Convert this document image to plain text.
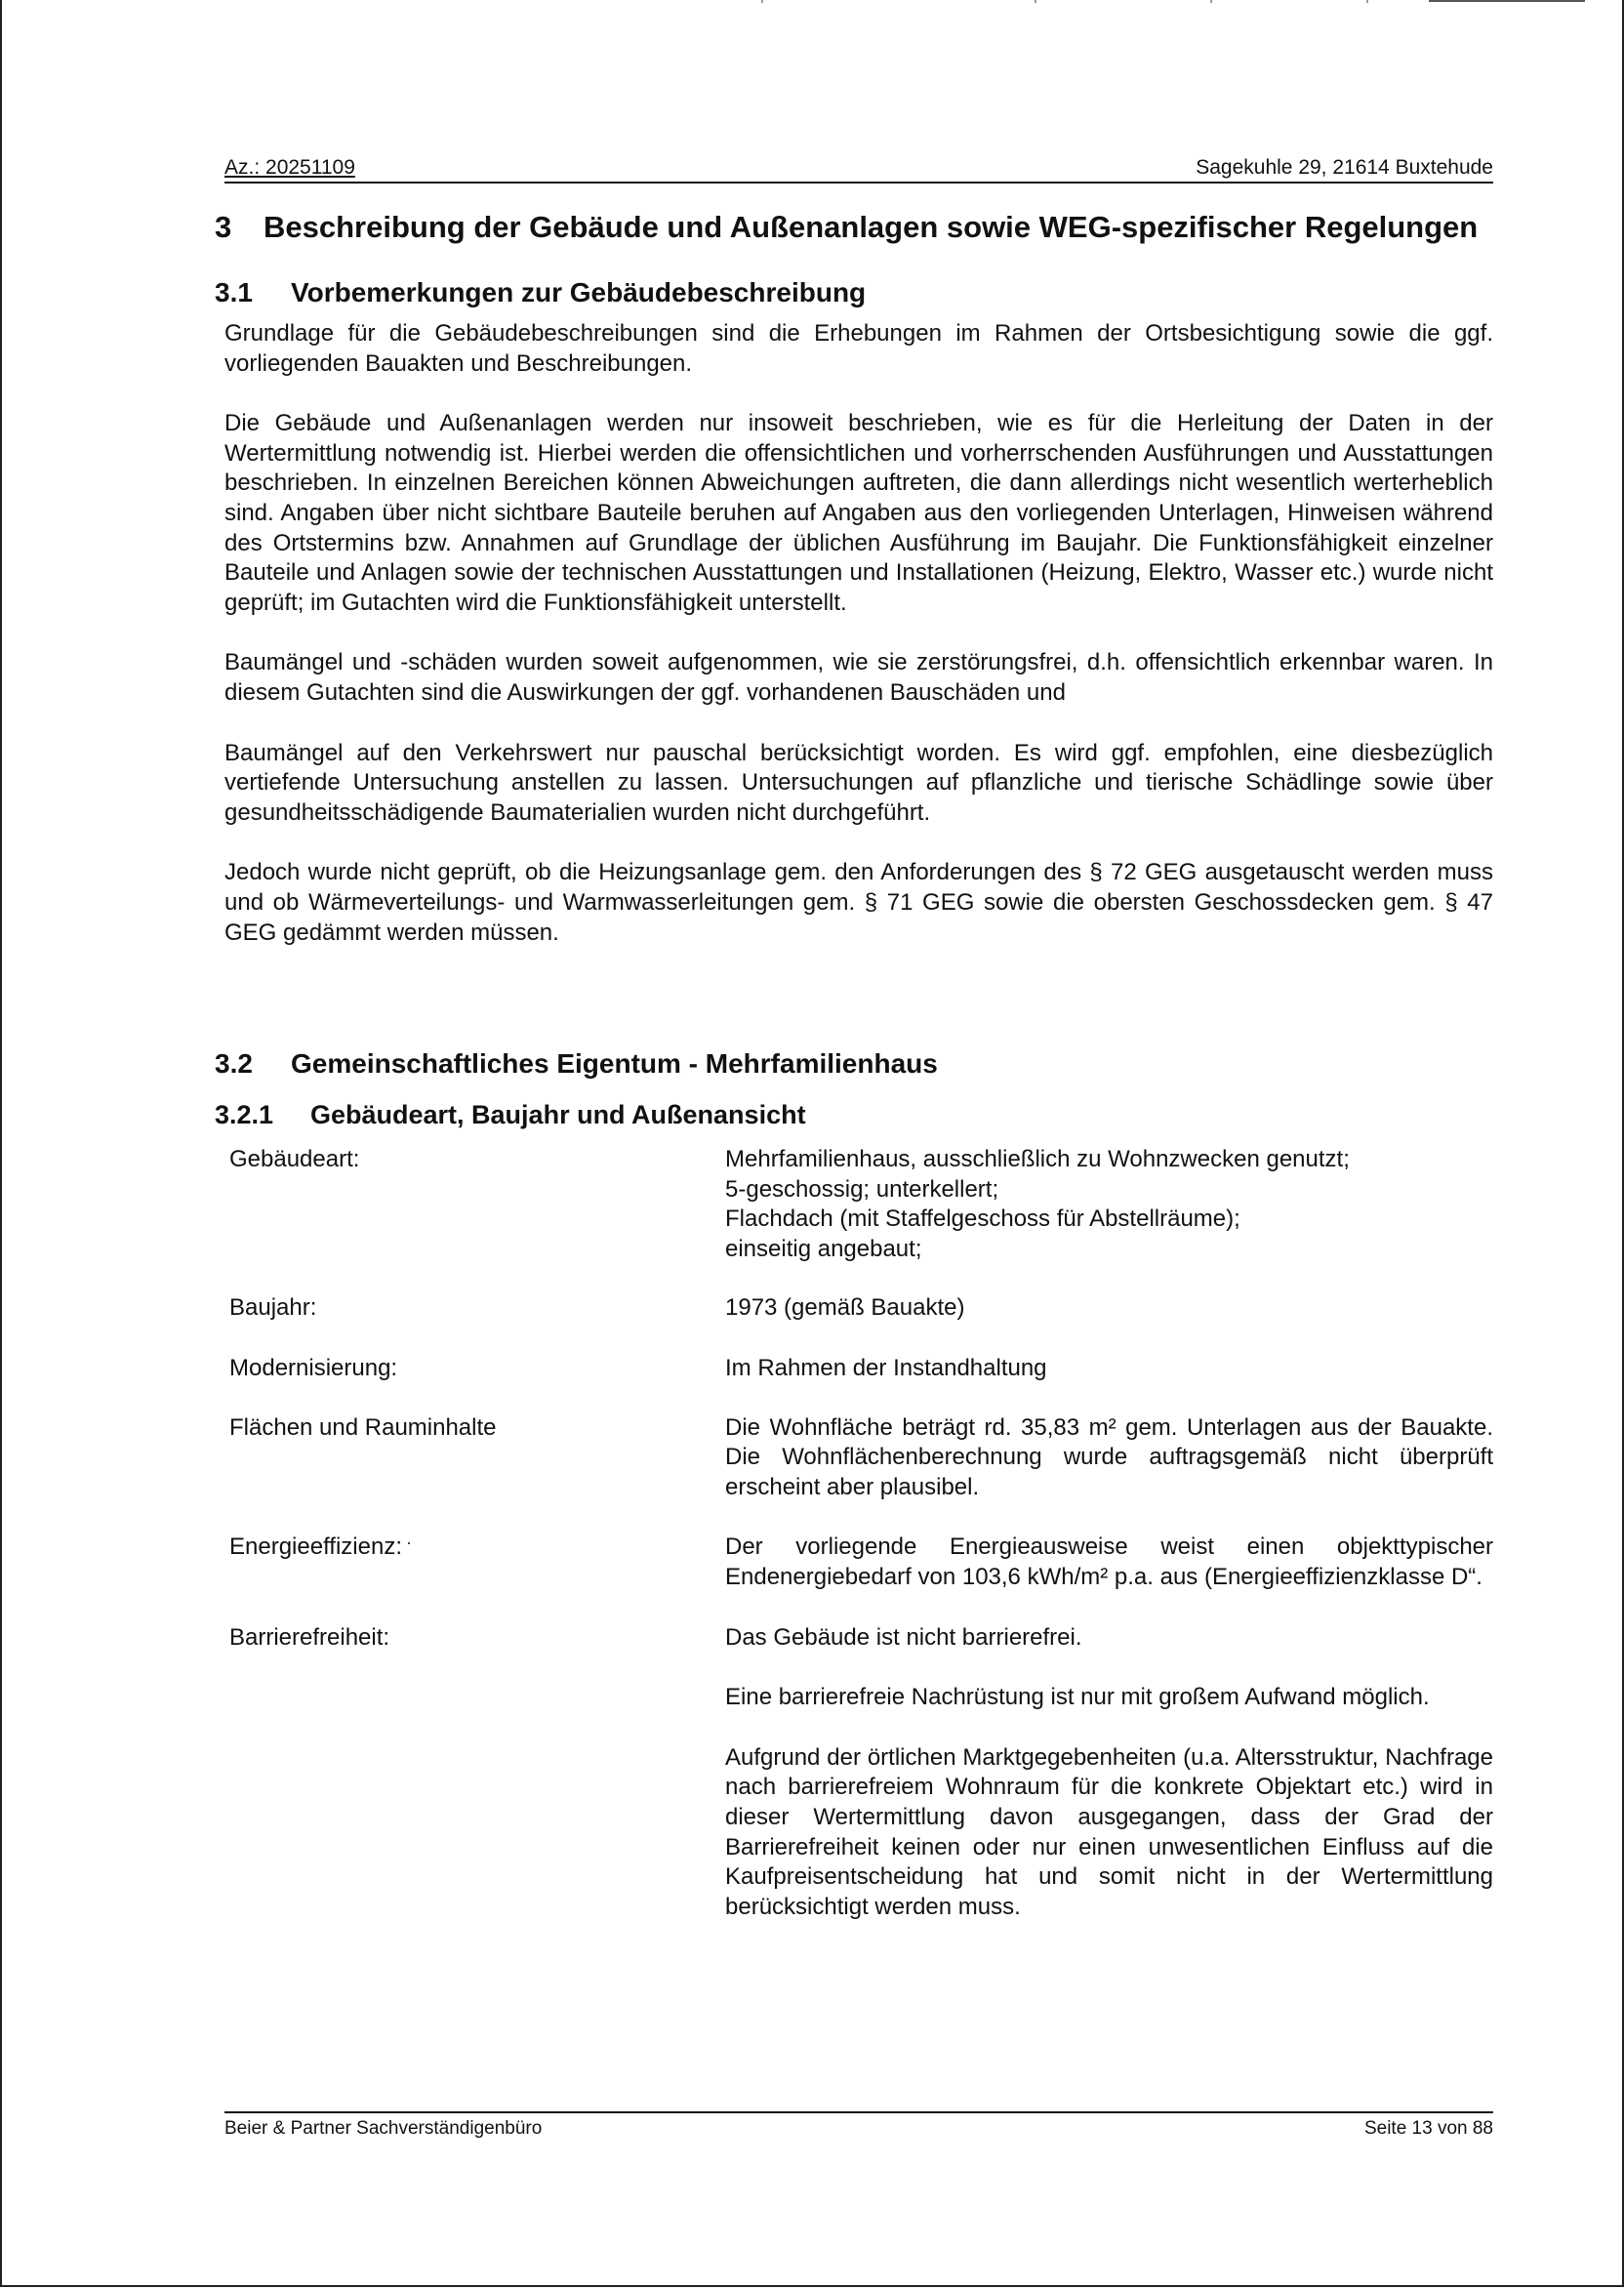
Az.: 20251109	Sagekuhle 29, 21614 Buxtehude
3	Beschreibung der Gebäude und Außenanlagen sowie WEG-spezifischer Regelungen
3.1	Vorbemerkungen zur Gebäudebeschreibung

Grundlage für die Gebäudebeschreibungen sind die Erhebungen im Rahmen der Ortsbesichtigung sowie die ggf. vorliegenden Bauakten und Beschreibungen.

Die Gebäude und Außenanlagen werden nur insoweit beschrieben, wie es für die Herleitung der Daten in der Wertermittlung notwendig ist. Hierbei werden die offensichtlichen und vorherrschenden Ausführungen und Ausstattungen beschrieben. In einzelnen Bereichen können Abweichungen auftreten, die dann allerdings nicht wesentlich werterheblich sind. Angaben über nicht sichtbare Bauteile beruhen auf Angaben aus den vorliegenden Unterlagen, Hinweisen während des Ortstermins bzw. Annahmen auf Grundlage der üblichen Ausführung im Baujahr. Die Funktionsfähigkeit einzelner Bauteile und Anlagen sowie der technischen Ausstattungen und Installationen (Heizung, Elektro, Wasser etc.) wurde nicht geprüft; im Gutachten wird die Funktionsfähigkeit unterstellt.

Baumängel und -schäden wurden soweit aufgenommen, wie sie zerstörungsfrei, d.h. offensichtlich erkennbar waren. In diesem Gutachten sind die Auswirkungen der ggf. vorhandenen Bauschäden und

Baumängel auf den Verkehrswert nur pauschal berücksichtigt worden. Es wird ggf. empfohlen, eine diesbezüglich vertiefende Untersuchung anstellen zu lassen. Untersuchungen auf pflanzliche und tierische Schädlinge sowie über gesundheitsschädigende Baumaterialien wurden nicht durchgeführt.

Jedoch wurde nicht geprüft, ob die Heizungsanlage gem. den Anforderungen des § 72 GEG ausgetauscht werden muss und ob Wärmeverteilungs- und Warmwasserleitungen gem. § 71 GEG sowie die obersten Geschossdecken gem. § 47 GEG gedämmt werden müssen.

3.2	Gemeinschaftliches Eigentum - Mehrfamilienhaus
3.2.1	Gebäudeart, Baujahr und Außenansicht
Gebäudeart:	Mehrfamilienhaus, ausschließlich zu Wohnzwecken genutzt;

5-geschossig; unterkellert;

Flachdach (mit Staffelgeschoss für Abstellräume);

einseitig angebaut;

Baujahr:	1973 (gemäß Bauakte)

Modernisierung:	Im Rahmen der Instandhaltung

Flächen und Rauminhalte	Die Wohnfläche beträgt rd. 35,83 m² gem. Unterlagen aus der Bauakte. Die Wohnflächenberechnung wurde auftragsgemäß nicht überprüft erscheint aber plausibel.

Energieeffizienz:	Der vorliegende Energieausweise weist einen objekttypischer Endenergiebedarf von 103,6 kWh/m² p.a. aus (Energieeffizienzklasse D“.

Barrierefreiheit:	Das Gebäude ist nicht barrierefrei.

Eine barrierefreie Nachrüstung ist nur mit großem Aufwand möglich.

Aufgrund der örtlichen Marktgegebenheiten (u.a. Altersstruktur, Nachfrage nach barrierefreiem Wohnraum für die konkrete Objektart etc.) wird in dieser Wertermittlung davon ausgegangen, dass der Grad der Barrierefreiheit keinen oder nur einen unwesentlichen Einfluss auf die Kaufpreisentscheidung hat und somit nicht in der Wertermittlung berücksichtigt werden muss.

Beier & Partner Sachverständigenbüro	Seite 13 von 88
